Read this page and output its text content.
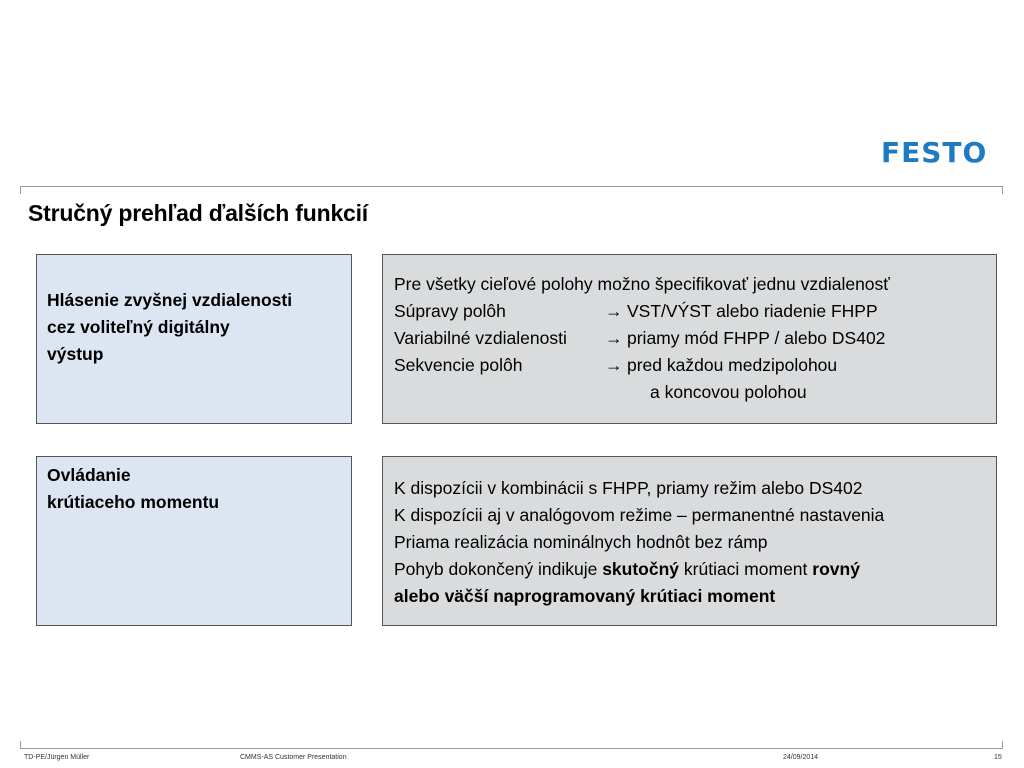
FESTO
Stručný prehľad ďalších funkcií
Hlásenie zvyšnej vzdialenosti
cez voliteľný digitálny
výstup
Pre všetky cieľové polohy možno špecifikovať jednu vzdialenosť
Súpravy polôh	→ VST/VÝST alebo riadenie FHPP
Variabilné vzdialenosti → priamy mód FHPP / alebo DS402
Sekvencie polôh	→ pred každou medzipolohou
a koncovou polohou
Ovládanie
krútiaceho momentu
K dispozícii v kombinácii s FHPP, priamy režim alebo DS402
K dispozícii aj v analógovom režime – permanentné nastavenia
Priama realizácia nominálnych hodnôt bez rámp
Pohyb dokončený indikuje skutočný krútiaci moment rovný
alebo väčší naprogramovaný krútiaci moment
TD-PE/Jürgen Müller	CMMS-AS Customer Presentation	24/09/2014	15
